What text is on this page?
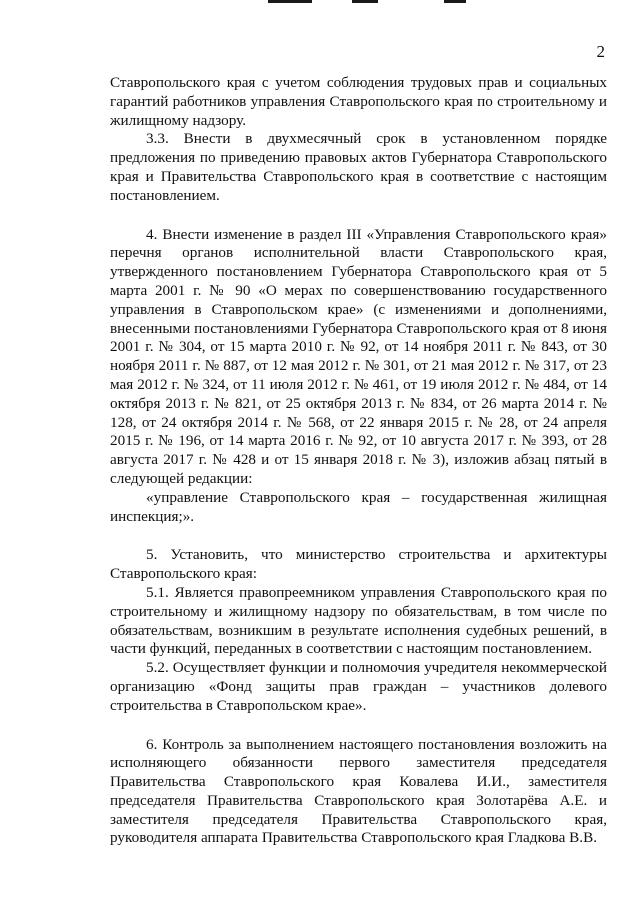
2

Ставропольского края с учетом соблюдения трудовых прав и социальных гарантий работников управления Ставропольского края по строительному и жилищному надзору.

3.3. Внести в двухмесячный срок в установленном порядке предложения по приведению правовых актов Губернатора Ставропольского края и Правительства Ставропольского края в соответствие с настоящим постановлением.

4. Внести изменение в раздел III «Управления Ставропольского края» перечня органов исполнительной власти Ставропольского края, утвержденного постановлением Губернатора Ставропольского края от 5 марта 2001 г. № 90 «О мерах по совершенствованию государственного управления в Ставропольском крае» (с изменениями и дополнениями, внесенными постановлениями Губернатора Ставропольского края от 8 июня 2001 г. № 304, от 15 марта 2010 г. № 92, от 14 ноября 2011 г. № 843, от 30 ноября 2011 г. № 887, от 12 мая 2012 г. № 301, от 21 мая 2012 г. № 317, от 23 мая 2012 г. № 324, от 11 июля 2012 г. № 461, от 19 июля 2012 г. № 484, от 14 октября 2013 г. № 821, от 25 октября 2013 г. № 834, от 26 марта 2014 г. № 128, от 24 октября 2014 г. № 568, от 22 января 2015 г. № 28, от 24 апреля 2015 г. № 196, от 14 марта 2016 г. № 92, от 10 августа 2017 г. № 393, от 28 августа 2017 г. № 428 и от 15 января 2018 г. № 3), изложив абзац пятый в следующей редакции:

«управление Ставропольского края – государственная жилищная инспекция;».

5. Установить, что министерство строительства и архитектуры Ставропольского края:

5.1. Является правопреемником управления Ставропольского края по строительному и жилищному надзору по обязательствам, в том числе по обязательствам, возникшим в результате исполнения судебных решений, в части функций, переданных в соответствии с настоящим постановлением.

5.2. Осуществляет функции и полномочия учредителя некоммерческой организацию «Фонд защиты прав граждан – участников долевого строительства в Ставропольском крае».

6. Контроль за выполнением настоящего постановления возложить на исполняющего обязанности первого заместителя председателя Правительства Ставропольского края Ковалева И.И., заместителя председателя Правительства Ставропольского края Золотарёва А.Е. и заместителя председателя Правительства Ставропольского края, руководителя аппарата Правительства Ставропольского края Гладкова В.В.
